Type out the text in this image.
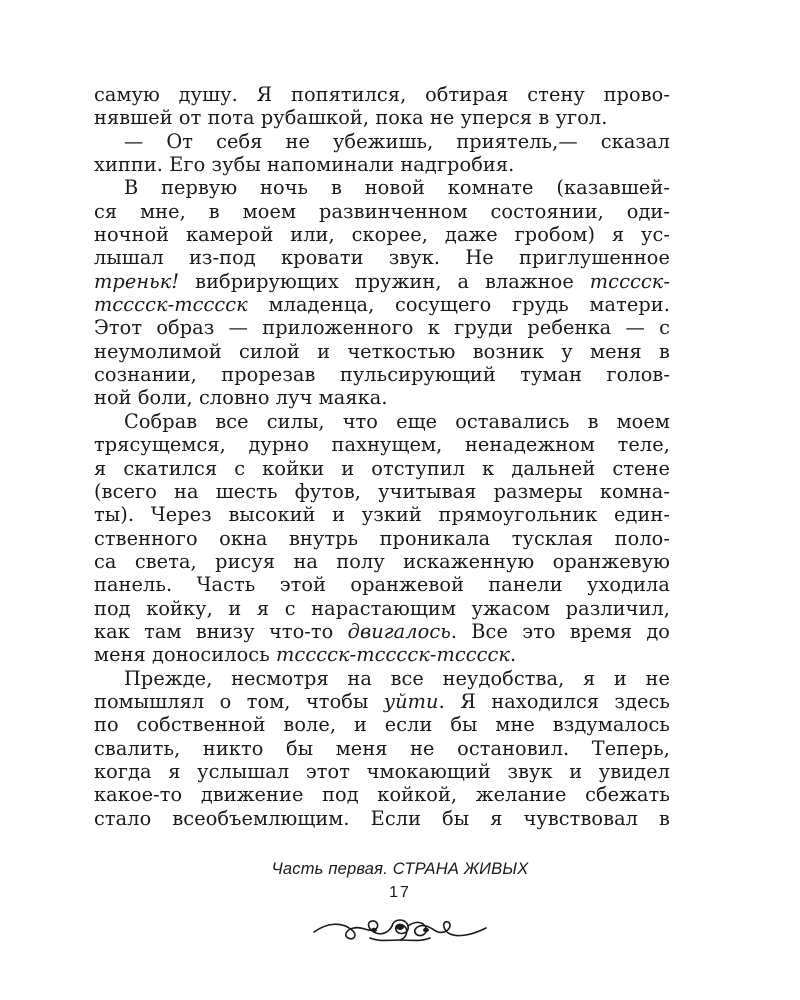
самую душу. Я попятился, обтирая стену прово-
нявшей от пота рубашкой, пока не уперся в угол.
— От себя не убежишь, приятель,— сказал
хиппи. Его зубы напоминали надгробия.
В первую ночь в новой комнате (казавшей-
ся мне, в моем развинченном состоянии, оди-
ночной камерой или, скорее, даже гробом) я ус-
лышал из-под кровати звук. Не приглушенное
треньк! вибрирующих пружин, а влажное тсссск-
тсссск-тсссск младенца, сосущего грудь матери.
Этот образ — приложенного к груди ребенка — с
неумолимой силой и четкостью возник у меня в
сознании, прорезав пульсирующий туман голов-
ной боли, словно луч маяка.
Собрав все силы, что еще оставались в моем
трясущемся, дурно пахнущем, ненадежном теле,
я скатился с койки и отступил к дальней стене
(всего на шесть футов, учитывая размеры комна-
ты). Через высокий и узкий прямоугольник един-
ственного окна внутрь проникала тусклая поло-
са света, рисуя на полу искаженную оранжевую
панель. Часть этой оранжевой панели уходила
под койку, и я с нарастающим ужасом различил,
как там внизу что-то двигалось. Все это время до
меня доносилось тсссск-тсссск-тсссск.
Прежде, несмотря на все неудобства, я и не
помышлял о том, чтобы уйти. Я находился здесь
по собственной воле, и если бы мне вздумалось
свалить, никто бы меня не остановил. Теперь,
когда я услышал этот чмокающий звук и увидел
какое-то движение под койкой, желание сбежать
стало всеобъемлющим. Если бы я чувствовал в
Часть первая. СТРАНА ЖИВЫХ
17
